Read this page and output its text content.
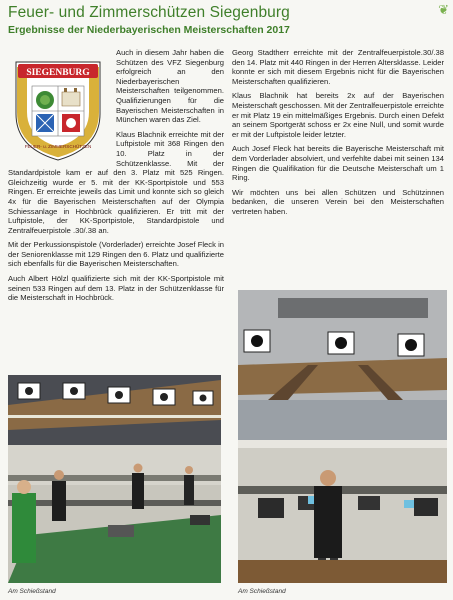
Feuer- und Zimmerschützen Siegenburg
Ergebnisse der Niederbayerischen Meisterschaften 2017
❦
SIEGENBURG
FEUER- u. ZIMMERSCHÜTZEN

Auch in diesem Jahr haben die Schützen des VFZ Siegenburg erfolgreich an den Niederbayerischen Meisterschaften teilgenommen. Qualifizierungen für die Bayerischen Meisterschaften in München waren das Ziel.

Klaus Blachnik erreichte mit der Luftpistole mit 368 Ringen den 10. Platz in der Schützenklasse. Mit der Standardpistole kam er auf den 3. Platz mit 525 Ringen. Gleichzeitig wurde er 5. mit der KK-Sportpistole und 553 Ringen. Er erreichte jeweils das Limit und konnte sich so gleich 4x für die Bayerischen Meisterschaften auf der Olympia Schiessanlage in Hochbrück qualifizieren. Er tritt mit der Luftpistole, der KK-Sportpistole, Standardpistole und Zentralfeuerpistole .30/.38 an.

Mit der Perkussionspistole (Vorderlader) erreichte Josef Fleck in der Seniorenklasse mit 129 Ringen den 6. Platz und qualifizierte sich ebenfalls für die Bayerischen Meisterschaften.

Auch Albert Hölzl qualifizierte sich mit der KK-Sportpistole mit seinen 533 Ringen auf dem 13. Platz in der Schützenklasse für die Meisterschaft in Hochbrück.

Georg Stadtherr erreichte mit der Zentralfeuerpistole.30/.38 den 14. Platz mit 440 Ringen in der Herren Altersklasse. Leider konnte er sich mit diesem Ergebnis nicht für die Bayerischen Meisterschaften qualifizieren.

Klaus Blachnik hat bereits 2x auf der Bayerischen Meisterschaft geschossen. Mit der Zentralfeuerpistole erreichte er mit Platz 19 ein mittelmäßiges Ergebnis. Durch einen Defekt an seinem Sportgerät schoss er 2x eine Null, und somit wurde er mit der Luftpistole leider letzter.

Auch Josef Fleck hat bereits die Bayerische Meisterschaft mit dem Vorderlader absolviert, und verfehlte dabei mit seinen 134 Ringen die Qualifikation für die Deutsche Meisterschaft um 1 Ring.

Wir möchten uns bei allen Schützen und Schützinnen bedanken, die unseren Verein bei den Meisterschaften vertreten haben.

Am Schießstand	Am Schießstand
